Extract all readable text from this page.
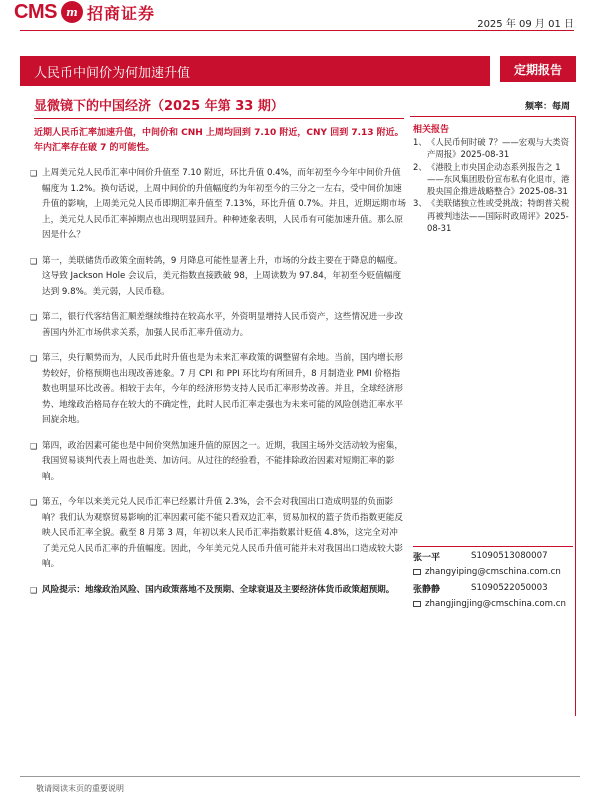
CMS m 招商证券
2025 年 09 月 01 日
人民币中间价为何加速升值	定期报告
显微镜下的中国经济（2025 年第 33 期）	频率：每周
近期人民币汇率加速升值，中间价和 CNH 上周均回到 7.10 附近，CNY 回到 7.13 附近。年内汇率存在破 7 的可能性。
❑ 上周美元兑人民币汇率中间价升值至 7.10 附近，环比升值 0.4%，而年初至今今年中间价升值幅度为 1.2%。换句话说，上周中间价的升值幅度约为年初至今的三分之一左右，受中间价加速升值的影响，上周美元兑人民币即期汇率升值至 7.13%，环比升值 0.7%。并且，近期远期市场上，美元兑人民币汇率掉期点也出现明显回升。种种迹象表明，人民币有可能加速升值。那么原因是什么？
❑ 第一，美联储货币政策全面转鸽，9 月降息可能性显著上升，市场的分歧主要在于降息的幅度。这导致 Jackson Hole 会议后，美元指数直接跌破 98，上周读数为 97.84，年初至今贬值幅度达到 9.8%。美元弱，人民币稳。
❑ 第二，银行代客结售汇顺差继续维持在较高水平，外资明显增持人民币资产，这些情况进一步改善国内外汇市场供求关系，加强人民币汇率升值动力。
❑ 第三，央行顺势而为，人民币此时升值也是为未来汇率政策的调整留有余地。当前，国内增长形势较好，价格预期也出现改善迹象。7 月 CPI 和 PPI 环比均有所回升，8 月制造业 PMI 价格指数也明显环比改善。相较于去年，今年的经济形势支持人民币汇率形势改善。并且，全球经济形势、地缘政治格局存在较大的不确定性，此时人民币汇率走强也为未来可能的风险创造汇率水平回旋余地。
❑ 第四，政治因素可能也是中间价突然加速升值的原因之一。近期，我国主场外交活动较为密集，我国贸易谈判代表上周也赴美、加访问。从过往的经验看，不能排除政治因素对短期汇率的影响。
❑ 第五，今年以来美元兑人民币汇率已经累计升值 2.3%，会不会对我国出口造成明显的负面影响？我们认为观察贸易影响的汇率因素可能不能只看双边汇率，贸易加权的篮子货币指数更能反映人民币汇率全貌。截至 8 月第 3 周，年初以来人民币汇率指数累计贬值 4.8%，这完全对冲了美元兑人民币汇率的升值幅度。因此，今年美元兑人民币升值可能并未对我国出口造成较大影响。
❑ 风险提示：地缘政治风险、国内政策落地不及预期、全球衰退及主要经济体货币政策超预期。
相关报告
1、 《人民币何时破 7？——宏观与大类资产周报》2025-08-31
2、 《港股上市央国企动态系列报告之 1——东风集团股份宣布私有化退市，港股央国企推进战略整合》2025-08-31
3、 《美联储独立性或受挑战；特朗普关税再被判违法——国际时政周评》2025-08-31
张一平	S1090513080007
zhangyiping@cmschina.com.cn
张静静	S1090522050003
zhangjingjing@cmschina.com.cn
敬请阅读末页的重要说明
